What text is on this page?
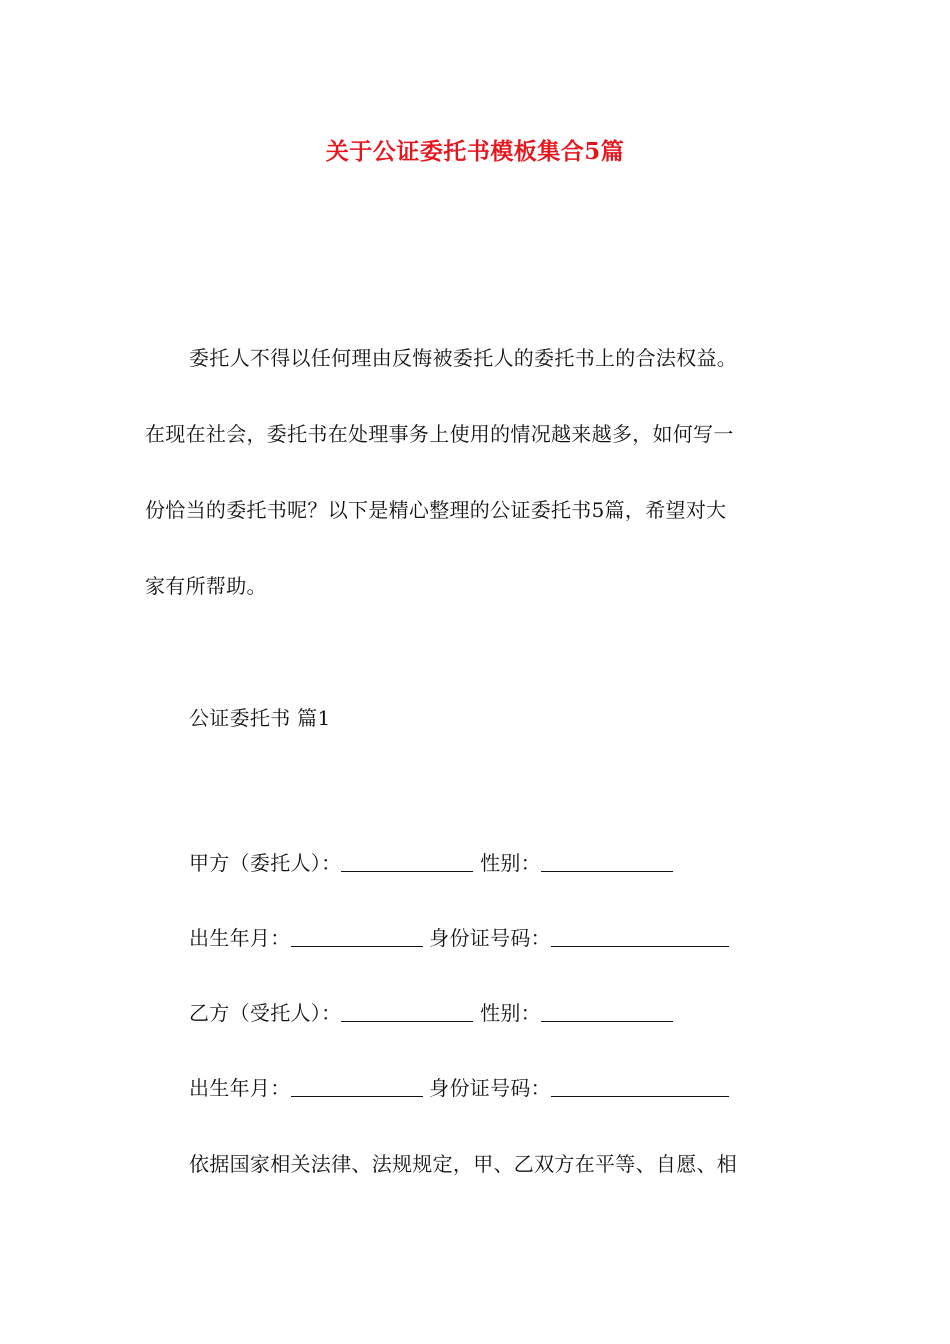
关于公证委托书模板集合5篇
委托人不得以任何理由反悔被委托人的委托书上的合法权益。
在现在社会，委托书在处理事务上使用的情况越来越多，如何写一
份恰当的委托书呢？以下是精心整理的公证委托书5篇，希望对大
家有所帮助。
公证委托书 篇1
甲方（委托人）：	性别：
出生年月：	身份证号码：
乙方（受托人）：	性别：
出生年月：	身份证号码：
依据国家相关法律、法规规定，甲、乙双方在平等、自愿、相
